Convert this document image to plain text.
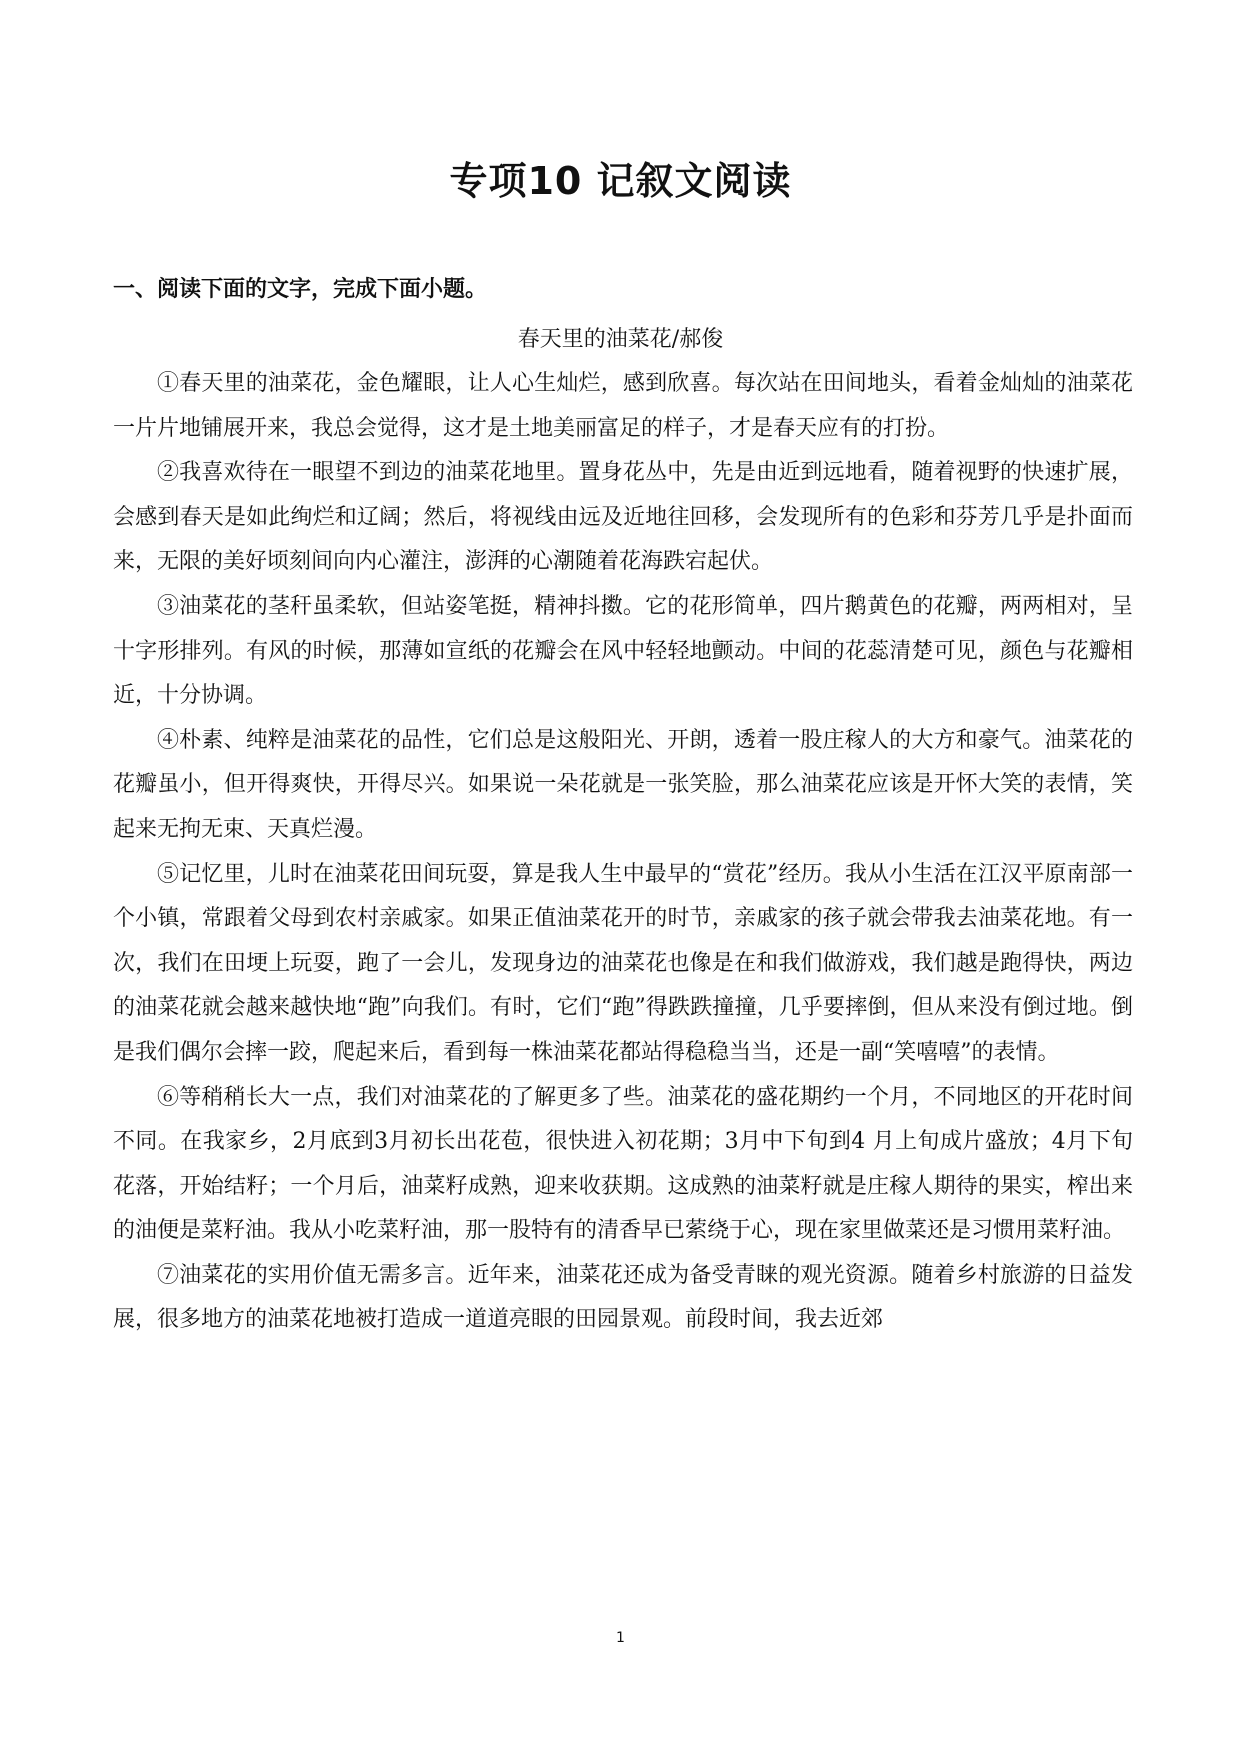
专项10 记叙文阅读
一、阅读下面的文字，完成下面小题。
春天里的油菜花/郝俊

①春天里的油菜花，金色耀眼，让人心生灿烂，感到欣喜。每次站在田间地头，看着金灿灿的油菜花一片片地铺展开来，我总会觉得，这才是土地美丽富足的样子，才是春天应有的打扮。

②我喜欢待在一眼望不到边的油菜花地里。置身花丛中，先是由近到远地看，随着视野的快速扩展，会感到春天是如此绚烂和辽阔；然后，将视线由远及近地往回移，会发现所有的色彩和芬芳几乎是扑面而来，无限的美好顷刻间向内心灌注，澎湃的心潮随着花海跌宕起伏。

③油菜花的茎秆虽柔软，但站姿笔挺，精神抖擞。它的花形简单，四片鹅黄色的花瓣，两两相对，呈十字形排列。有风的时候，那薄如宣纸的花瓣会在风中轻轻地颤动。中间的花蕊清楚可见，颜色与花瓣相近，十分协调。

④朴素、纯粹是油菜花的品性，它们总是这般阳光、开朗，透着一股庄稼人的大方和豪气。油菜花的花瓣虽小，但开得爽快，开得尽兴。如果说一朵花就是一张笑脸，那么油菜花应该是开怀大笑的表情，笑起来无拘无束、天真烂漫。

⑤记忆里，儿时在油菜花田间玩耍，算是我人生中最早的“赏花”经历。我从小生活在江汉平原南部一个小镇，常跟着父母到农村亲戚家。如果正值油菜花开的时节，亲戚家的孩子就会带我去油菜花地。有一次，我们在田埂上玩耍，跑了一会儿，发现身边的油菜花也像是在和我们做游戏，我们越是跑得快，两边的油菜花就会越来越快地“跑”向我们。有时，它们“跑”得跌跌撞撞，几乎要摔倒，但从来没有倒过地。倒是我们偶尔会摔一跤，爬起来后，看到每一株油菜花都站得稳稳当当，还是一副“笑嘻嘻”的表情。

⑥等稍稍长大一点，我们对油菜花的了解更多了些。油菜花的盛花期约一个月，不同地区的开花时间不同。在我家乡，2月底到3月初长出花苞，很快进入初花期；3月中下旬到4 月上旬成片盛放；4月下旬花落，开始结籽；一个月后，油菜籽成熟，迎来收获期。这成熟的油菜籽就是庄稼人期待的果实，榨出来的油便是菜籽油。我从小吃菜籽油，那一股特有的清香早已萦绕于心，现在家里做菜还是习惯用菜籽油。

⑦油菜花的实用价值无需多言。近年来，油菜花还成为备受青睐的观光资源。随着乡村旅游的日益发展，很多地方的油菜花地被打造成一道道亮眼的田园景观。前段时间，我去近郊

1
